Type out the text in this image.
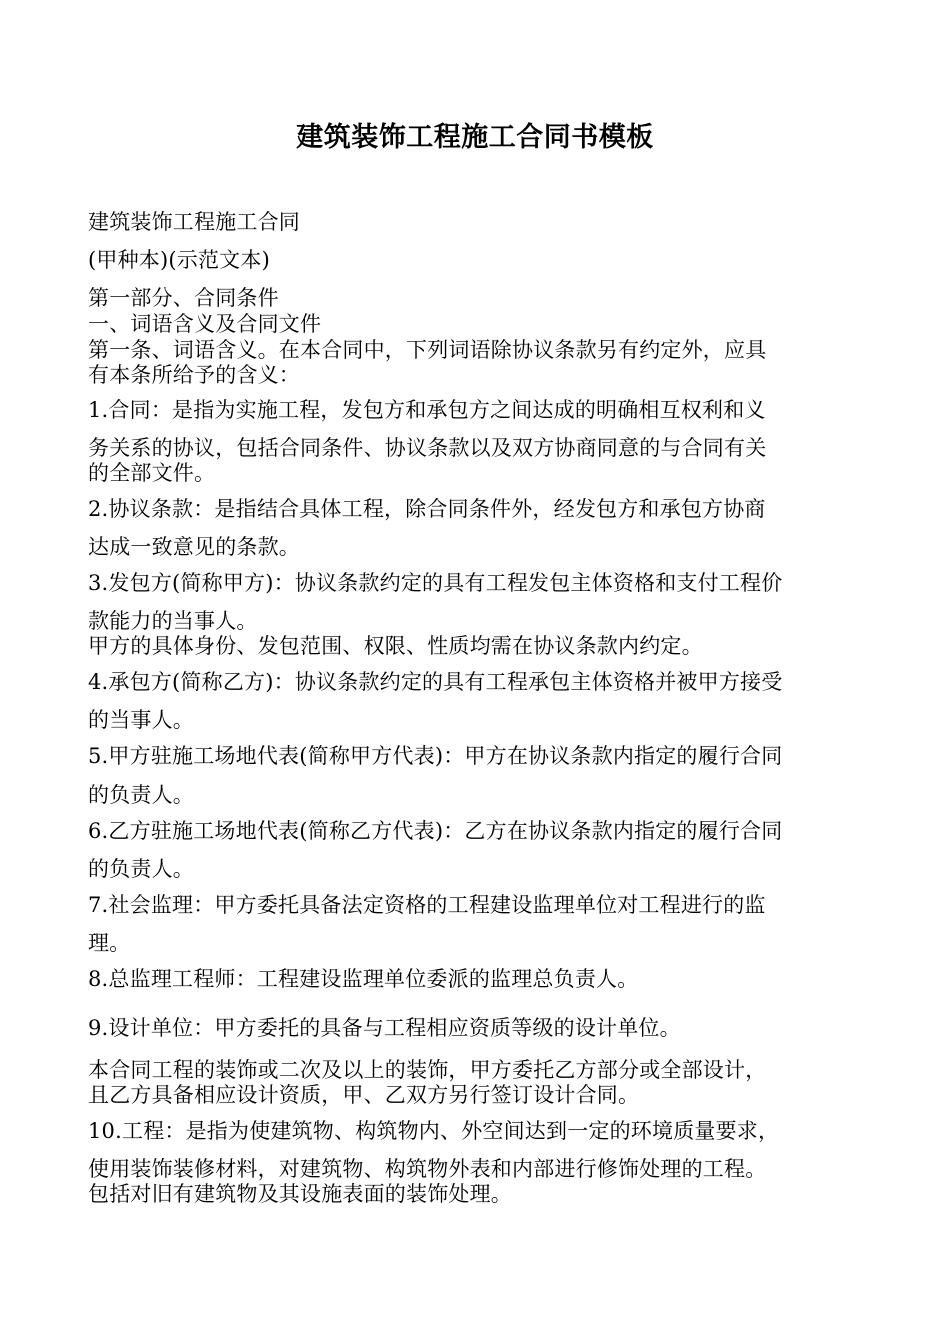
建筑装饰工程施工合同书模板
建筑装饰工程施工合同
(甲种本)(示范文本)
第一部分、合同条件
一、词语含义及合同文件
第一条、词语含义。在本合同中，下列词语除协议条款另有约定外，应具
有本条所给予的含义：
1.合同：是指为实施工程，发包方和承包方之间达成的明确相互权利和义
务关系的协议，包括合同条件、协议条款以及双方协商同意的与合同有关
的全部文件。
2.协议条款：是指结合具体工程，除合同条件外，经发包方和承包方协商
达成一致意见的条款。
3.发包方(简称甲方)：协议条款约定的具有工程发包主体资格和支付工程价
款能力的当事人。
甲方的具体身份、发包范围、权限、性质均需在协议条款内约定。
4.承包方(简称乙方)：协议条款约定的具有工程承包主体资格并被甲方接受
的当事人。
5.甲方驻施工场地代表(简称甲方代表)：甲方在协议条款内指定的履行合同
的负责人。
6.乙方驻施工场地代表(简称乙方代表)：乙方在协议条款内指定的履行合同
的负责人。
7.社会监理：甲方委托具备法定资格的工程建设监理单位对工程进行的监
理。
8.总监理工程师：工程建设监理单位委派的监理总负责人。
9.设计单位：甲方委托的具备与工程相应资质等级的设计单位。
本合同工程的装饰或二次及以上的装饰，甲方委托乙方部分或全部设计，
且乙方具备相应设计资质，甲、乙双方另行签订设计合同。
10.工程：是指为使建筑物、构筑物内、外空间达到一定的环境质量要求，
使用装饰装修材料，对建筑物、构筑物外表和内部进行修饰处理的工程。
包括对旧有建筑物及其设施表面的装饰处理。
